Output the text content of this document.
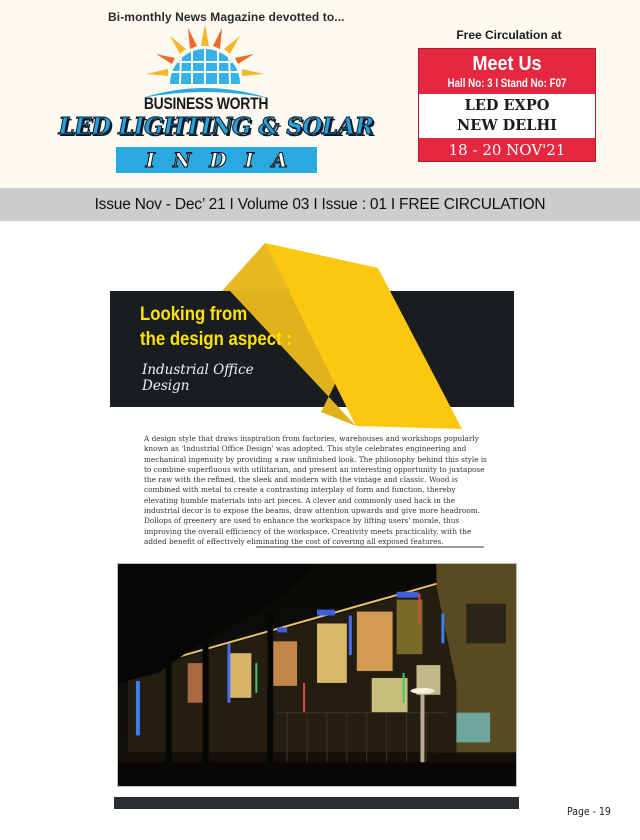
Bi-monthly News Magazine devotted to...
BUSINESS WORTH
LED LIGHTING & SOLAR
INDIA
Free Circulation at
Meet Us
Hall No: 3 I Stand No: F07
LED EXPO
NEW DELHI
18 - 20 NOV'21
Issue Nov - Dec’ 21 I Volume 03 I Issue : 01 I FREE CIRCULATION
Looking from
the design aspect :
Industrial Office
Design
A design style that draws inspiration from factories, warehouses and workshops popularly known as 'Industrial Office Design' was adopted. This style celebrates engineering and mechanical ingenuity by providing a raw unfinished look. The philosophy behind this style is to combine superfluous with utilitarian, and present an interesting opportunity to juxtapose the raw with the refined, the sleek and modern with the vintage and classic. Wood is combined with metal to create a contrasting interplay of form and function, thereby elevating humble materials into art pieces. A clever and commonly used hack in the industrial decor is to expose the beams, draw attention upwards and give more headroom. Dollops of greenery are used to enhance the workspace by lifting users' morale, thus improving the overall efficiency of the workspace. Creativity meets practicality, with the added benefit of effectively eliminating the cost of covering all exposed features.
Page - 19
